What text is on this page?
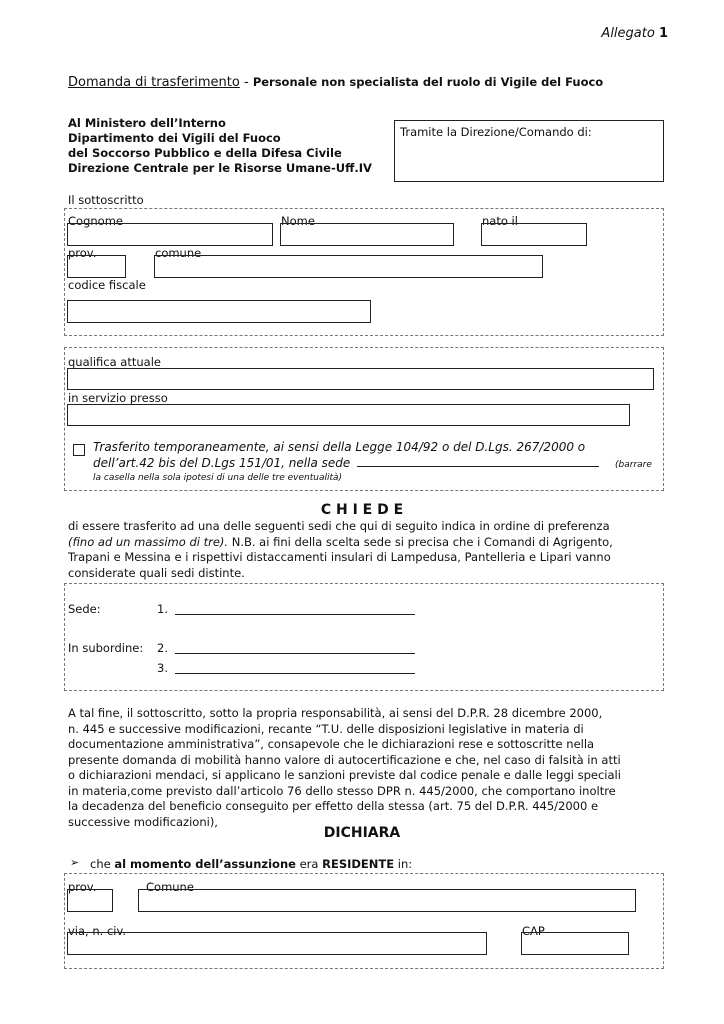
Allegato 1
Domanda di trasferimento - Personale non specialista del ruolo di Vigile del Fuoco
Al Ministero dell’Interno
Dipartimento dei Vigili del Fuoco
del Soccorso Pubblico e della Difesa Civile
Direzione Centrale per le Risorse Umane-Uff.IV
Tramite la Direzione/Comando di:
Il sottoscritto
Cognome	Nome	nato il
prov.	comune
codice fiscale
qualifica attuale
in servizio presso
Trasferito temporaneamente, ai sensi della Legge 104/92 o del D.Lgs. 267/2000 o
dell’art.42 bis del D.Lgs 151/01, nella sede	(barrare
la casella nella sola ipotesi di una delle tre eventualità)
C H I E D E
di essere trasferito ad una delle seguenti sedi che qui di seguito indica in ordine di preferenza
(fino ad un massimo di tre). N.B. ai fini della scelta sede si precisa che i Comandi di Agrigento,
Trapani e Messina e i rispettivi distaccamenti insulari di Lampedusa, Pantelleria e Lipari vanno
considerate quali sedi distinte.
Sede:	1.
In subordine: 2.
3.
A tal fine, il sottoscritto, sotto la propria responsabilità, ai sensi del D.P.R. 28 dicembre 2000,
n. 445 e successive modificazioni, recante “T.U. delle disposizioni legislative in materia di
documentazione amministrativa”, consapevole che le dichiarazioni rese e sottoscritte nella
presente domanda di mobilità hanno valore di autocertificazione e che, nel caso di falsità in atti
o dichiarazioni mendaci, si applicano le sanzioni previste dal codice penale e dalle leggi speciali
in materia,come previsto dall’articolo 76 dello stesso DPR n. 445/2000, che comportano inoltre
la decadenza del beneficio conseguito per effetto della stessa (art. 75 del D.P.R. 445/2000 e
successive modificazioni),
DICHIARA
➢ che al momento dell’assunzione era RESIDENTE in:
prov.	Comune
via, n. civ.	CAP
